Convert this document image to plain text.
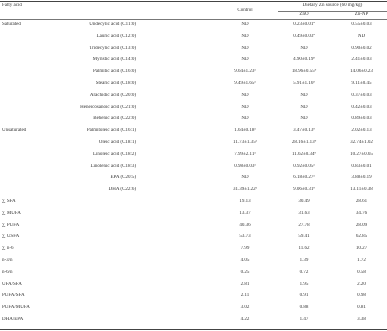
Fatty acid
Control
Dietary Zn source (60 mg/kg)
ZnO	Zn-NP
Saturated	Undecylic acid (C11:0)	ND	0.23±0.01ª	0.55±0.03
Lauric acid (C12:0)	ND	0.49±0.03ª	ND
Tridecylic acid (C13:0)	ND	ND	0.90±0.02
Myristic acid (C14:0)	ND	4.90±0.19ᵇ	2.41±0.03
Palmitic acid (C16:0)	9.64±1.23ᵃ	18.96±0.55ᵇ	14.06±0.23
Stearic acid (C18:0)	9.49±1.65ᵃ	5.91±1.16ᵇ	9.11±0.45
Arachidic acid (C20:0)	ND	ND	0.37±0.03
Heneicosanoic acid (C21:0)	ND	ND	0.42±0.03
Behenic acid (C22:0)	ND	ND	0.89±0.03
Unsaturated	Palmitoleic acid (C16:1)	1.64±0.18ᵃ	3.47±0.13ᵇ	2.02±0.13
Oleic acid (C18:1)	11.73±1.35ᵃ	28.16±1.13ᵇ	32.74±1.02
Linoleic acid (C18:2)	7.99±2.11ᵃ	11.62±0.34ᵇ	10.27±0.65
Linolenic acid (C18:3)	0.98±0.03ᵃ	0.92±0.05ᵃ	0.83±0.01
EPA (C20:5)	ND	6.18±0.27ᵃ	3.88±0.19
DHA (C22:6)	31.39±1.22ᵃ	9.06±0.31ᵇ	13.11±0.38
∑ SFA	19.13	30.49	28.61
∑ MUFA	13.37	31.63	34.76
∑ PUFA	40.36	27.78	28.09
∑ USFA	53.73	59.41	62.85
∑ n-6	7.99	11.62	10.27
n-3/n	4.05	1.39	1.72
n-6/n	0.25	0.72	0.58
UFA/SFA	2.81	1.95	2.20
PUFA/SFA	2.11	0.91	0.98
PUFA/MUFA	3.02	0.88	0.81
DHA/EPA	4.22	1.47	3.38
